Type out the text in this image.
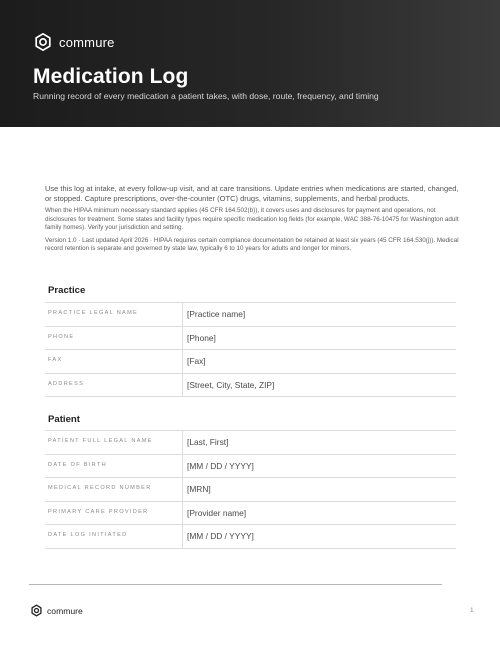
commure
Medication Log

Running record of every medication a patient takes, with dose, route, frequency, and timing

Use this log at intake, at every follow-up visit, and at care transitions. Update entries when medications are started, changed, or stopped. Capture prescriptions, over-the-counter (OTC) drugs, vitamins, supplements, and herbal products.

When the HIPAA minimum necessary standard applies (45 CFR 164.502(b)), it covers uses and disclosures for payment and operations, not disclosures for treatment. Some states and facility types require specific medication log fields (for example, WAC 388-76-10475 for Washington adult family homes). Verify your jurisdiction and setting.

Version 1.0 · Last updated April 2026 · HIPAA requires certain compliance documentation be retained at least six years (45 CFR 164.530(j)). Medical record retention is separate and governed by state law, typically 6 to 10 years for adults and longer for minors.

Practice
PRACTICE LEGAL NAME	[Practice name]
PHONE	[Phone]
FAX	[Fax]
ADDRESS	[Street, City, State, ZIP]
Patient
PATIENT FULL LEGAL NAME	[Last, First]
DATE OF BIRTH	[MM / DD / YYYY]
MEDICAL RECORD NUMBER	[MRN]
PRIMARY CARE PROVIDER	[Provider name]
DATE LOG INITIATED	[MM / DD / YYYY]
commure	1
